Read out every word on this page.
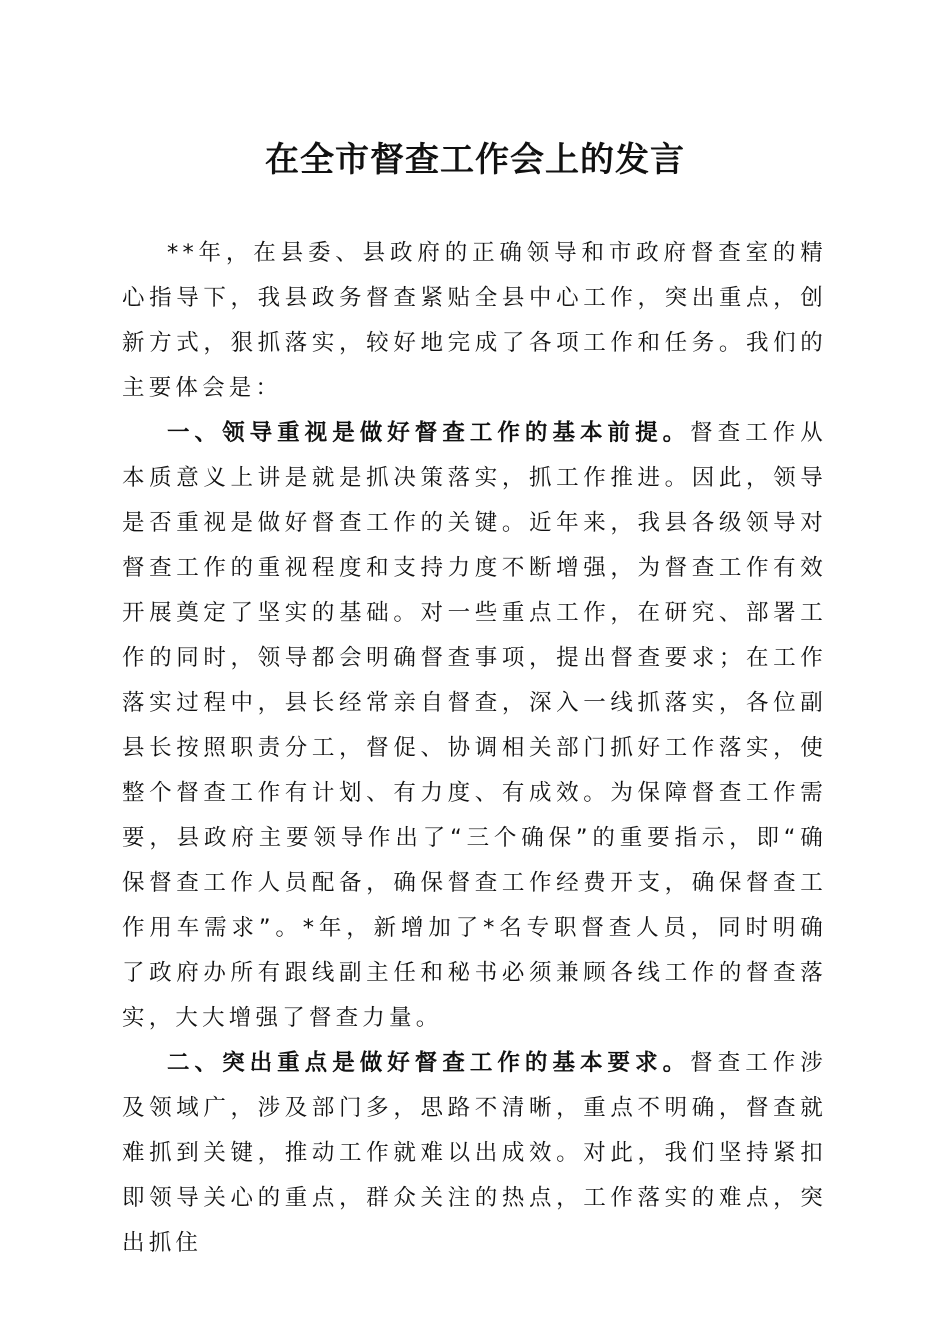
在全市督查工作会上的发言

**年，在县委、县政府的正确领导和市政府督查室的精心指导下，我县政务督查紧贴全县中心工作，突出重点，创新方式，狠抓落实，较好地完成了各项工作和任务。我们的主要体会是：

一、领导重视是做好督查工作的基本前提。督查工作从本质意义上讲是就是抓决策落实，抓工作推进。因此，领导是否重视是做好督查工作的关键。近年来，我县各级领导对督查工作的重视程度和支持力度不断增强，为督查工作有效开展奠定了坚实的基础。对一些重点工作，在研究、部署工作的同时，领导都会明确督查事项，提出督查要求；在工作落实过程中，县长经常亲自督查，深入一线抓落实，各位副县长按照职责分工，督促、协调相关部门抓好工作落实，使整个督查工作有计划、有力度、有成效。为保障督查工作需要，县政府主要领导作出了“三个确保”的重要指示，即“确保督查工作人员配备，确保督查工作经费开支，确保督查工作用车需求”。*年，新增加了*名专职督查人员，同时明确了政府办所有跟线副主任和秘书必须兼顾各线工作的督查落实，大大增强了督查力量。

二、突出重点是做好督查工作的基本要求。督查工作涉及领域广，涉及部门多，思路不清晰，重点不明确，督查就难抓到关键，推动工作就难以出成效。对此，我们坚持紧扣即领导关心的重点，群众关注的热点，工作落实的难点，突出抓住
